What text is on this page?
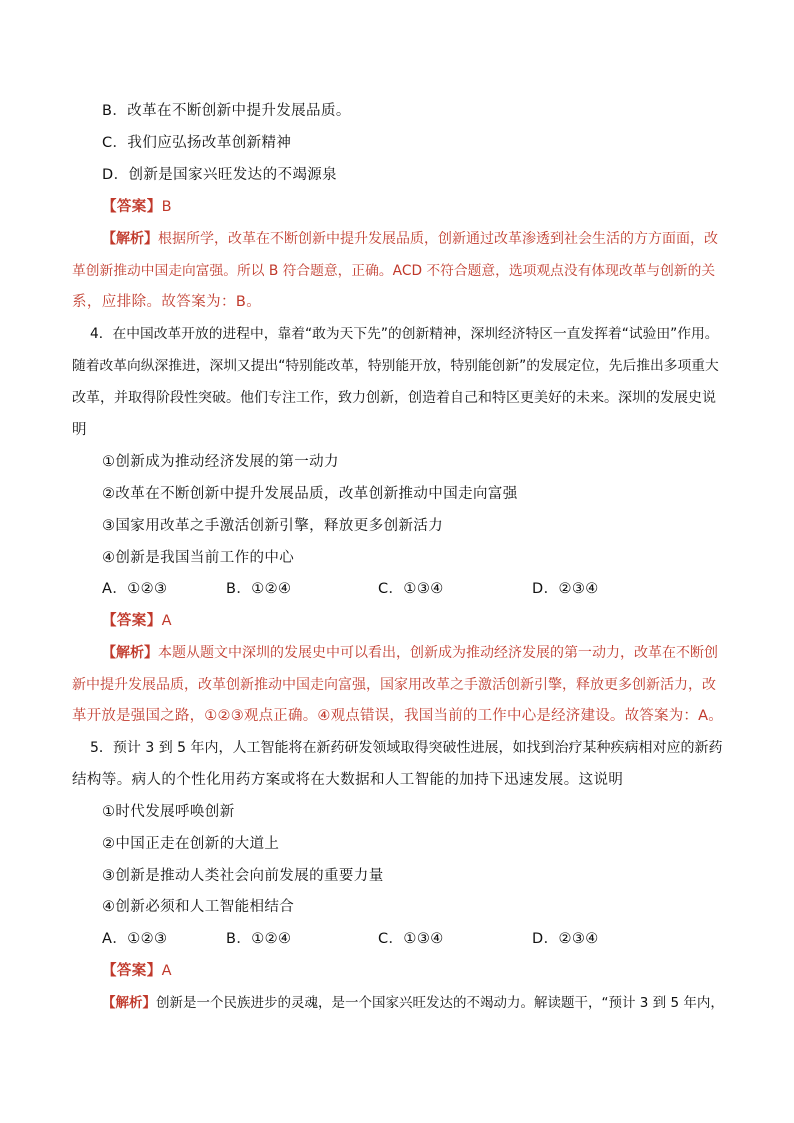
B．改革在不断创新中提升发展品质。
C．我们应弘扬改革创新精神
D．创新是国家兴旺发达的不竭源泉
【答案】B
【解析】根据所学，改革在不断创新中提升发展品质，创新通过改革渗透到社会生活的方方面面，改
革创新推动中国走向富强。所以 B 符合题意，正确。ACD 不符合题意，选项观点没有体现改革与创新的关
系，应排除。故答案为：B。
4．在中国改革开放的进程中，靠着“敢为天下先”的创新精神，深圳经济特区一直发挥着“试验田”作用。
随着改革向纵深推进，深圳又提出“特别能改革，特别能开放，特别能创新”的发展定位，先后推出多项重大
改革，并取得阶段性突破。他们专注工作，致力创新，创造着自己和特区更美好的未来。深圳的发展史说
明
①创新成为推动经济发展的第一动力
②改革在不断创新中提升发展品质，改革创新推动中国走向富强
③国家用改革之手激活创新引擎，释放更多创新活力
④创新是我国当前工作的中心
A．①②③	B．①②④	C．①③④	D．②③④
【答案】A
【解析】本题从题文中深圳的发展史中可以看出，创新成为推动经济发展的第一动力，改革在不断创
新中提升发展品质，改革创新推动中国走向富强，国家用改革之手激活创新引擎，释放更多创新活力，改
革开放是强国之路，①②③观点正确。④观点错误，我国当前的工作中心是经济建设。故答案为：A。
5．预计 3 到 5 年内，人工智能将在新药研发领域取得突破性进展，如找到治疗某种疾病相对应的新药
结构等。病人的个性化用药方案或将在大数据和人工智能的加持下迅速发展。这说明
①时代发展呼唤创新
②中国正走在创新的大道上
③创新是推动人类社会向前发展的重要力量
④创新必须和人工智能相结合
A．①②③	B．①②④	C．①③④	D．②③④
【答案】A
【解析】创新是一个民族进步的灵魂，是一个国家兴旺发达的不竭动力。解读题干，“预计 3 到 5 年内，
